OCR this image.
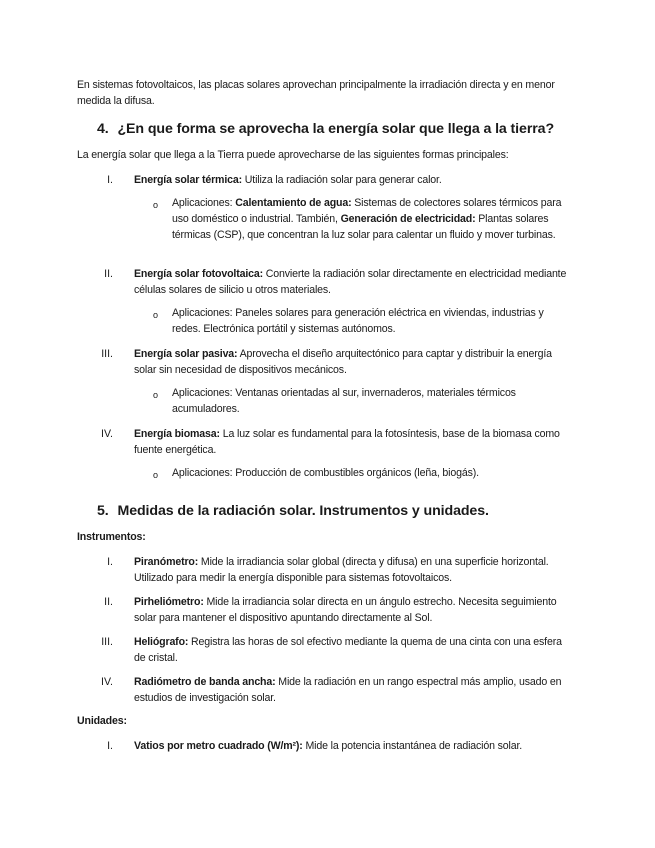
En sistemas fotovoltaicos, las placas solares aprovechan principalmente la irradiación directa y en menor medida la difusa.
4. ¿En que forma se aprovecha la energía solar que llega a la tierra?
La energía solar que llega a la Tierra puede aprovecharse de las siguientes formas principales:
I. Energía solar térmica: Utiliza la radiación solar para generar calor.
o Aplicaciones: Calentamiento de agua: Sistemas de colectores solares térmicos para uso doméstico o industrial. También, Generación de electricidad: Plantas solares térmicas (CSP), que concentran la luz solar para calentar un fluido y mover turbinas.
II. Energía solar fotovoltaica: Convierte la radiación solar directamente en electricidad mediante células solares de silicio u otros materiales.
o Aplicaciones: Paneles solares para generación eléctrica en viviendas, industrias y redes. Electrónica portátil y sistemas autónomos.
III. Energía solar pasiva: Aprovecha el diseño arquitectónico para captar y distribuir la energía solar sin necesidad de dispositivos mecánicos.
o Aplicaciones: Ventanas orientadas al sur, invernaderos, materiales térmicos acumuladores.
IV. Energía biomasa: La luz solar es fundamental para la fotosíntesis, base de la biomasa como fuente energética.
o Aplicaciones: Producción de combustibles orgánicos (leña, biogás).
5. Medidas de la radiación solar. Instrumentos y unidades.
Instrumentos:
I. Piranómetro: Mide la irradiancia solar global (directa y difusa) en una superficie horizontal. Utilizado para medir la energía disponible para sistemas fotovoltaicos.
II. Pirheliómetro: Mide la irradiancia solar directa en un ángulo estrecho. Necesita seguimiento solar para mantener el dispositivo apuntando directamente al Sol.
III. Heliógrafo: Registra las horas de sol efectivo mediante la quema de una cinta con una esfera de cristal.
IV. Radiómetro de banda ancha: Mide la radiación en un rango espectral más amplio, usado en estudios de investigación solar.
Unidades:
I. Vatios por metro cuadrado (W/m²): Mide la potencia instantánea de radiación solar.
